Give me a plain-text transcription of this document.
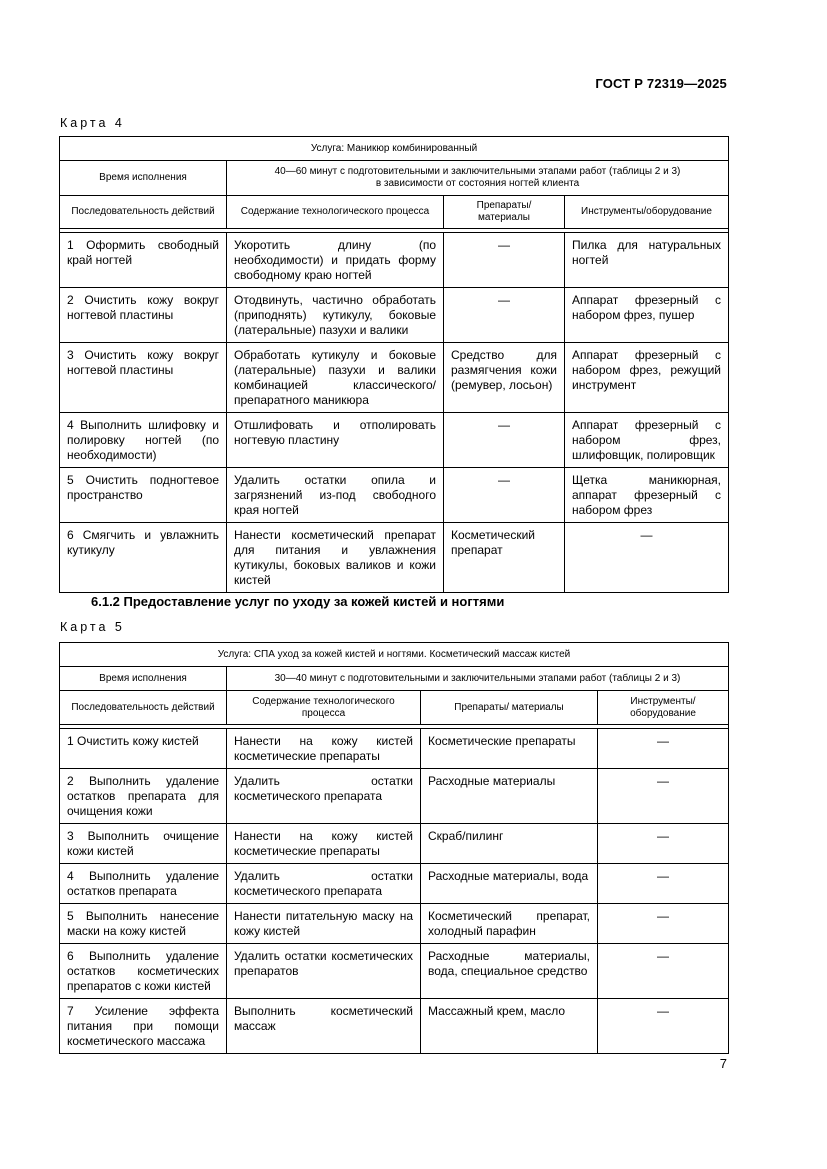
ГОСТ Р 72319—2025
Карта 4
Услуга: Маникюр комбинированный			
Время исполнения	40—60 минут с подготовительными и заключительными этапами работ (таблицы 2 и 3)
в зависимости от состояния ногтей клиента		

Последовательность действий	Содержание технологического процесса	Препараты/ материалы	Инструменты/оборудование

1 Оформить свободный край ногтей	Укоротить длину (по необходимости) и придать форму свободному краю ногтей	—	Пилка для натуральных ногтей
2 Очистить кожу вокруг ногтевой пластины	Отодвинуть, частично обработать (приподнять) кутикулу, боковые (латеральные) пазухи и валики	—	Аппарат фрезерный с набором фрез, пушер
3 Очистить кожу вокруг ногтевой пластины	Обработать кутикулу и боковые (латеральные) пазухи и валики комбинацией классического/препаратного маникюра	Средство для размягчения кожи (ремувер, лосьон)	Аппарат фрезерный с набором фрез, режущий инструмент
4 Выполнить шлифовку и полировку ногтей (по необходимости)	Отшлифовать и отполировать ногтевую пластину	—	Аппарат фрезерный с набором фрез, шлифовщик, полировщик
5 Очистить подногтевое пространство	Удалить остатки опила и загрязнений из-под свободного края ногтей	—	Щетка маникюрная, аппарат фрезерный с набором фрез
6 Смягчить и увлажнить кутикулу	Нанести косметический препарат для питания и увлажнения кутикулы, боковых валиков и кожи кистей	Косметический препарат	—
6.1.2 Предоставление услуг по уходу за кожей кистей и ногтями
Карта 5
Услуга: СПА уход за кожей кистей и ногтями. Косметический массаж кистей			
Время исполнения	30—40 минут с подготовительными и заключительными этапами работ (таблицы 2 и 3)		
Последовательность действий	Содержание технологического процесса	Препараты/ материалы	Инструменты/ оборудование

1 Очистить кожу кистей	Нанести на кожу кистей косметические препараты	Косметические препараты	—
2 Выполнить удаление остатков препарата для очищения кожи	Удалить остатки косметического препарата	Расходные материалы	—
3 Выполнить очищение кожи кистей	Нанести на кожу кистей косметические препараты	Скраб/пилинг	—
4 Выполнить удаление остатков препарата	Удалить остатки косметического препарата	Расходные материалы, вода	—
5 Выполнить нанесение маски на кожу кистей	Нанести питательную маску на кожу кистей	Косметический препарат, холодный парафин	—
6 Выполнить удаление остатков косметических препаратов с кожи кистей	Удалить остатки косметических препаратов	Расходные материалы, вода, специальное средство	—
7 Усиление эффекта питания при помощи косметического массажа	Выполнить косметический массаж	Массажный крем, масло	—
7
